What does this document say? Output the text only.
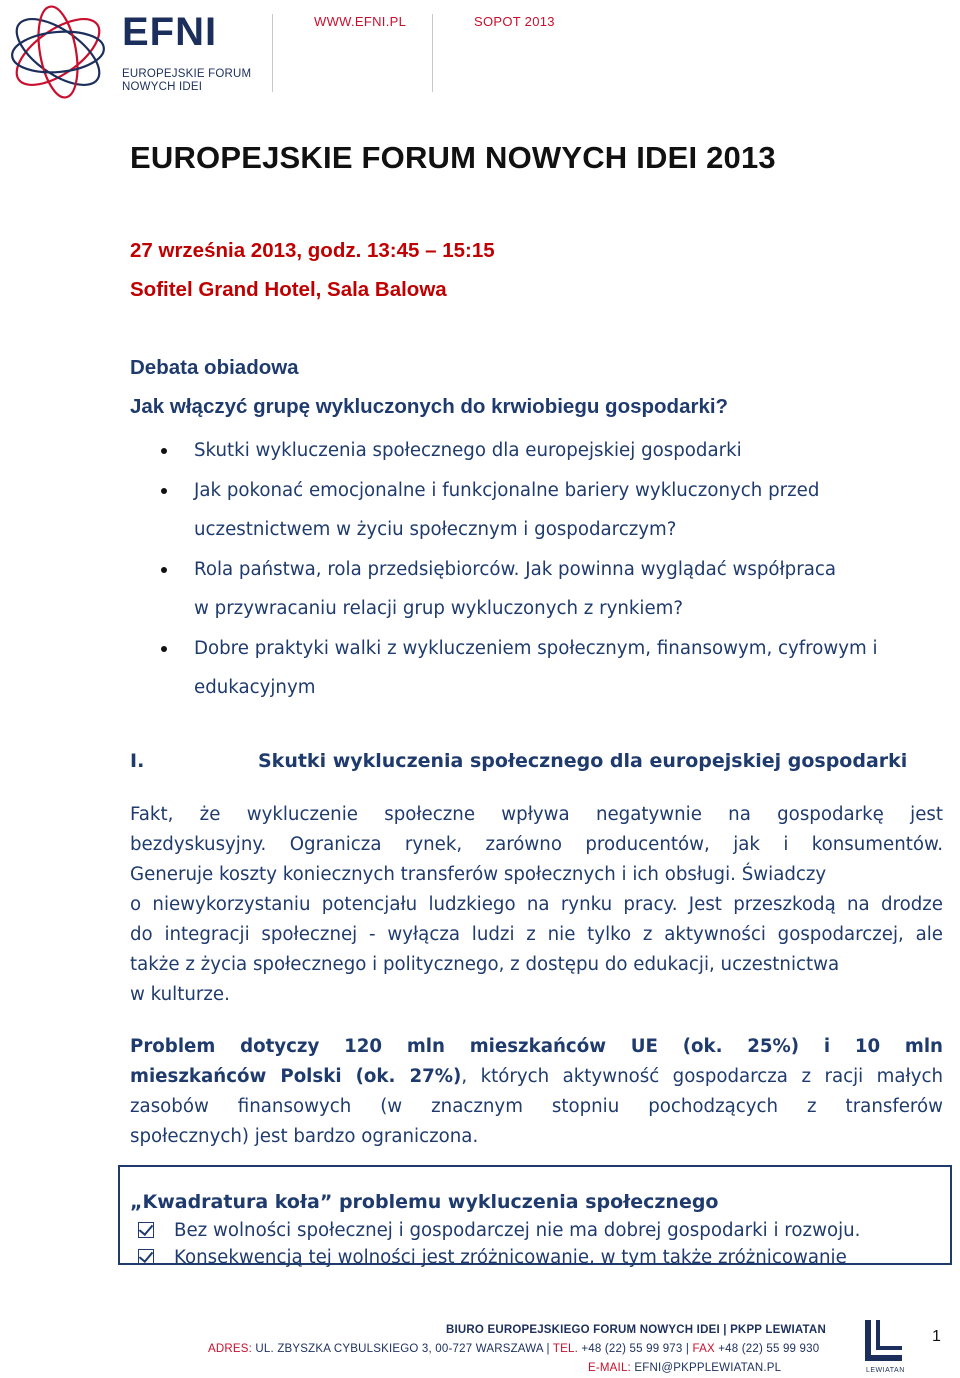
EFNI
EUROPEJSKIE FORUM
NOWYCH IDEI
WWW.EFNI.PL	SOPOT 2013
EUROPEJSKIE FORUM NOWYCH IDEI 2013
27 września 2013, godz. 13:45 – 15:15
Sofitel Grand Hotel, Sala Balowa
Debata obiadowa
Jak włączyć grupę wykluczonych do krwiobiegu gospodarki?
Skutki wykluczenia społecznego dla europejskiej gospodarki
Jak pokonać emocjonalne i funkcjonalne bariery wykluczonych przed
uczestnictwem w życiu społecznym i gospodarczym?
Rola państwa, rola przedsiębiorców. Jak powinna wyglądać współpraca
w przywracaniu relacji grup wykluczonych z rynkiem?
Dobre praktyki walki z wykluczeniem społecznym, finansowym, cyfrowym i
edukacyjnym
I.	Skutki wykluczenia społecznego dla europejskiej gospodarki
Fakt, że wykluczenie społeczne wpływa negatywnie na gospodarkę jest
bezdyskusyjny. Ogranicza rynek, zarówno producentów, jak i konsumentów.
Generuje koszty koniecznych transferów społecznych i ich obsługi. Świadczy
o niewykorzystaniu potencjału ludzkiego na rynku pracy. Jest przeszkodą na drodze
do integracji społecznej - wyłącza ludzi z nie tylko z aktywności gospodarczej, ale
także z życia społecznego i politycznego, z dostępu do edukacji, uczestnictwa
w kulturze.
Problem dotyczy 120 mln mieszkańców UE (ok. 25%) i 10 mln
mieszkańców Polski (ok. 27%), których aktywność gospodarcza z racji małych
zasobów finansowych (w znacznym stopniu pochodzących z transferów
społecznych) jest bardzo ograniczona.
„Kwadratura koła” problemu wykluczenia społecznego
Bez wolności społecznej i gospodarczej nie ma dobrej gospodarki i rozwoju.
Konsekwencją tej wolności jest zróżnicowanie, w tym także zróżnicowanie
BIURO EUROPEJSKIEGO FORUM NOWYCH IDEI | PKPP LEWIATAN
ADRES: UL. ZBYSZKA CYBULSKIEGO 3, 00-727 WARSZAWA | TEL. +48 (22) 55 99 973 | FAX +48 (22) 55 99 930
E-MAIL: EFNI@PKPPLEWIATAN.PL	LEWIATAN
1
